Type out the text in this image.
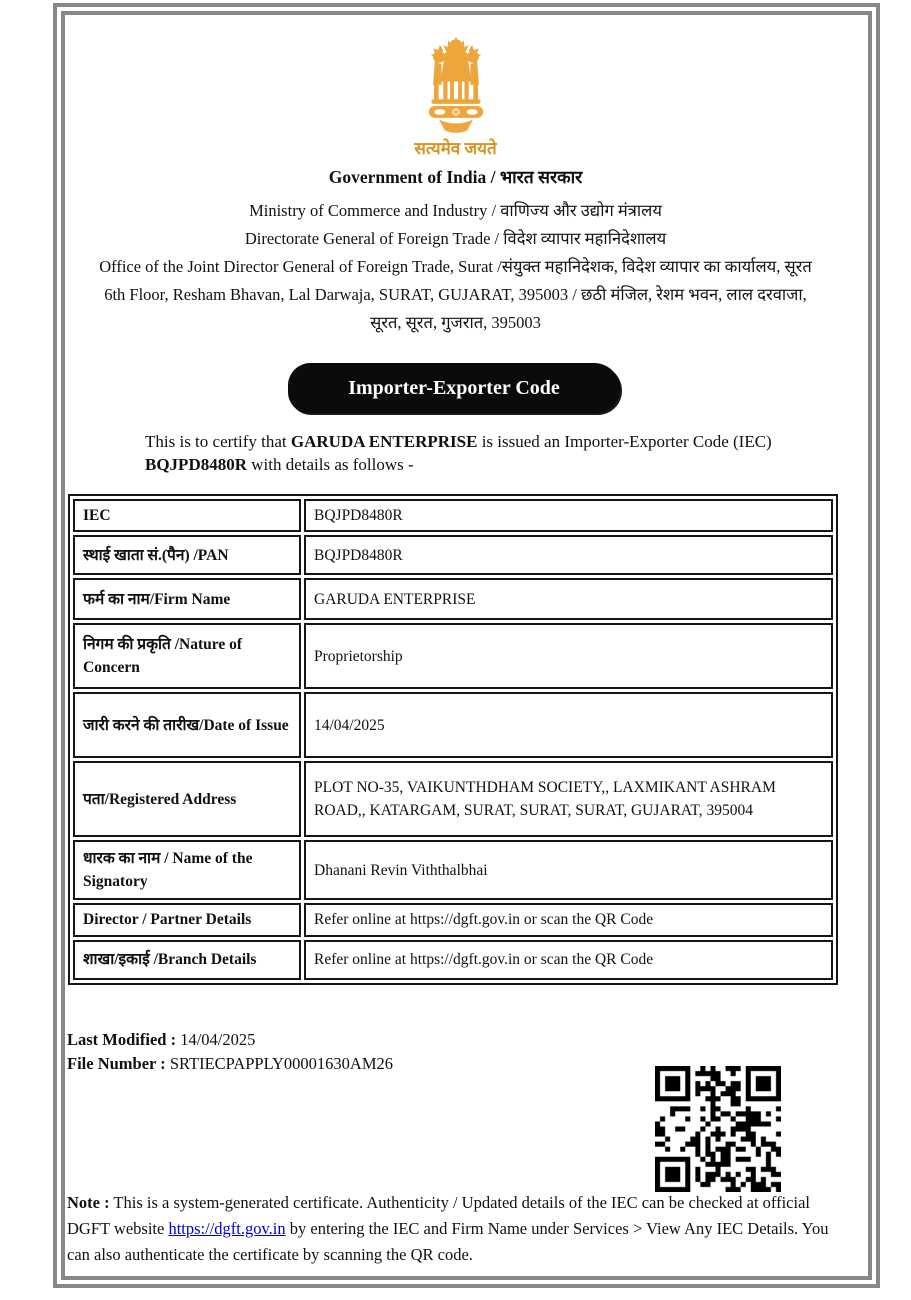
सत्यमेव जयते
Government of India / भारत सरकार
Ministry of Commerce and Industry / वाणिज्य और उद्योग मंत्रालय
Directorate General of Foreign Trade / विदेश व्यापार महानिदेशालय
Office of the Joint Director General of Foreign Trade, Surat /संयुक्त महानिदेशक, विदेश व्यापार का कार्यालय, सूरत
6th Floor, Resham Bhavan, Lal Darwaja, SURAT, GUJARAT, 395003 / छठी मंजिल, रेशम भवन, लाल दरवाजा,
सूरत, सूरत, गुजरात, 395003
Importer-Exporter Code
This is to certify that GARUDA ENTERPRISE is issued an Importer-Exporter Code (IEC) BQJPD8480R with details as follows -
IEC	BQJPD8480R
स्थाई खाता सं.(पैन) /PAN	BQJPD8480R
फर्म का नाम/Firm Name	GARUDA ENTERPRISE
निगम की प्रकृति /Nature of Concern	Proprietorship
जारी करने की तारीख/Date of Issue	14/04/2025
पता/Registered Address	PLOT NO-35, VAIKUNTHDHAM SOCIETY,, LAXMIKANT ASHRAM ROAD,, KATARGAM, SURAT, SURAT, SURAT, GUJARAT, 395004
धारक का नाम / Name of the Signatory	Dhanani Revin Viththalbhai
Director / Partner Details	Refer online at https://dgft.gov.in or scan the QR Code
शाखा/इकाई /Branch Details	Refer online at https://dgft.gov.in or scan the QR Code
Last Modified : 14/04/2025
File Number : SRTIECPAPPLY00001630AM26
Note : This is a system-generated certificate. Authenticity / Updated details of the IEC can be checked at official DGFT website https://dgft.gov.in by entering the IEC and Firm Name under Services > View Any IEC Details. You can also authenticate the certificate by scanning the QR code.
